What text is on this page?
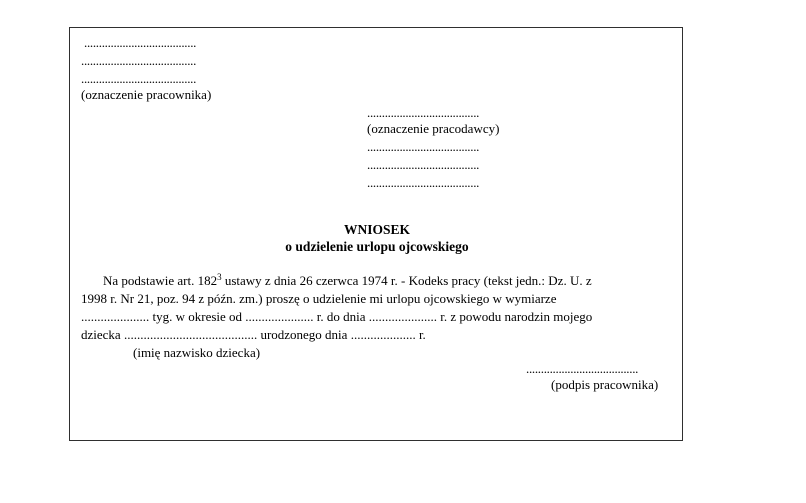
......................................
.......................................
.......................................
(oznaczenie pracownika)
......................................
(oznaczenie pracodawcy)
......................................
......................................
......................................
WNIOSEK
o udzielenie urlopu ojcowskiego
Na podstawie art. $182^3$ ustawy z dnia 26 czerwca 1974 r. - Kodeks pracy (tekst jedn.: Dz. U. z
1998 r. Nr 21, poz. 94 z późn. zm.) proszę o udzielenie mi urlopu ojcowskiego w wymiarze
..................... tyg. w okresie od ..................... r. do dnia ..................... r. z powodu narodzin mojego
dziecka ......................................... urodzonego dnia .................... r.
(imię nazwisko dziecka)
......................................
(podpis pracownika)
